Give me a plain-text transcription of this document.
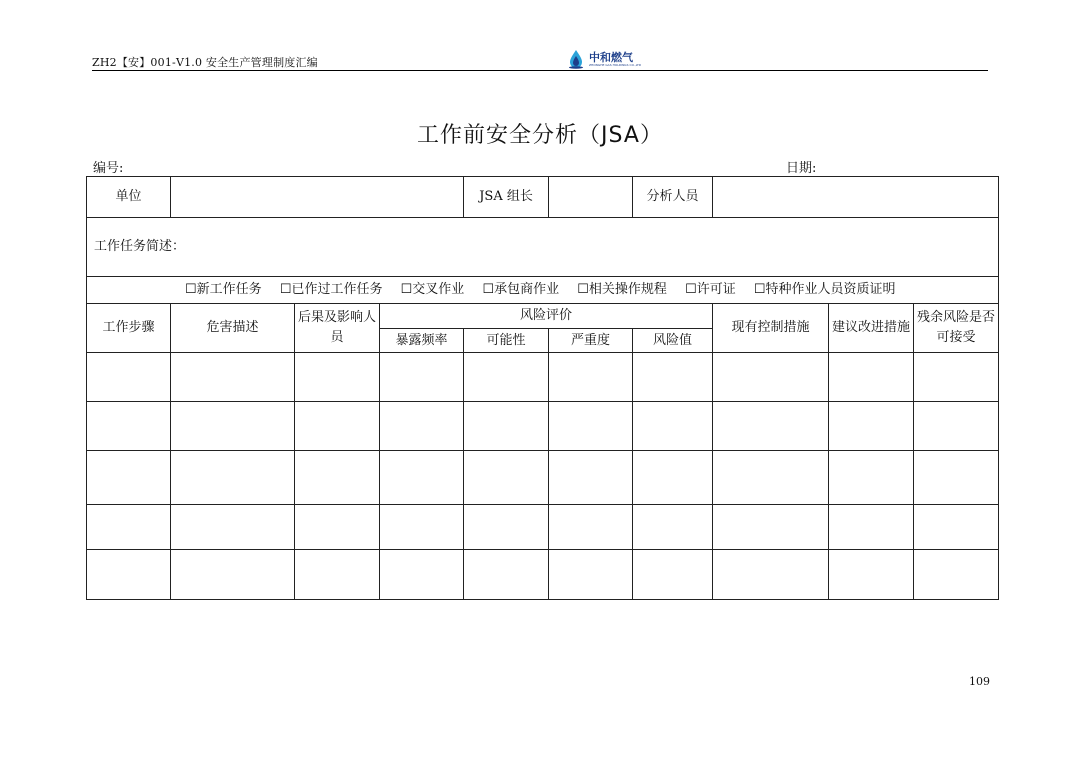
ZH2【安】001-V1.0 安全生产管理制度汇编	中和燃气
ZHONGHE GAS HOLDINGS CO.,LTD
工作前安全分析（JSA）
编号:	日期:
单位				JSA 组长		分析人员			
工作任务简述：									
☐新工作任务 ☐已作过工作任务 ☐交叉作业 ☐承包商作业 ☐相关操作规程 ☐许可证 ☐特种作业人员资质证明									
工作步骤	危害描述	后果及影响人员	风险评价				现有控制措施	建议改进措施	残余风险是否可接受
			暴露频率	可能性	严重度	风险值			

109
